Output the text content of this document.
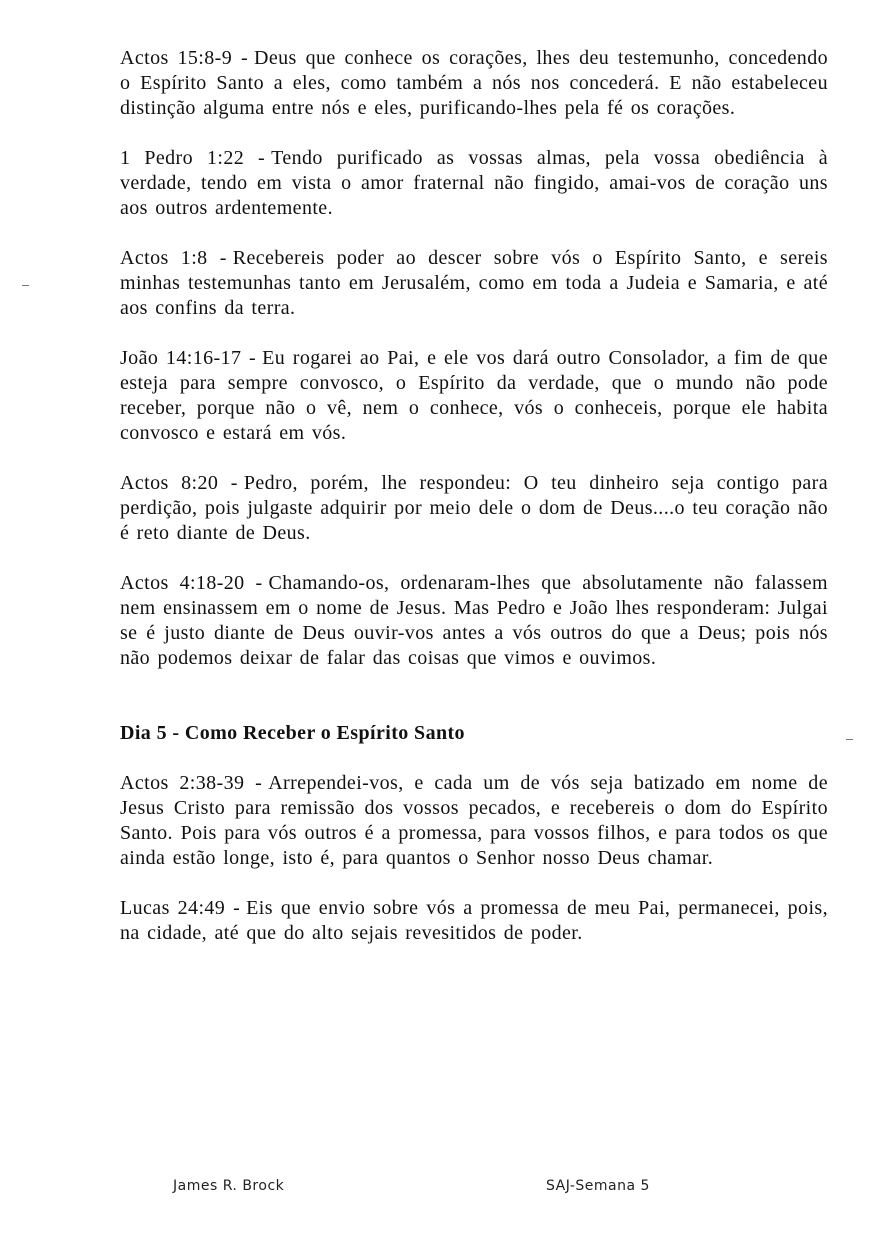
Actos 15:8-9 - Deus que conhece os corações, lhes deu testemunho, concedendo o Espírito Santo a eles, como também a nós nos concederá. E não estabeleceu distinção alguma entre nós e eles, purificando-lhes pela fé os corações.

1 Pedro 1:22 - Tendo purificado as vossas almas, pela vossa obediência à verdade, tendo em vista o amor fraternal não fingido, amai-vos de coração uns aos outros ardentemente.

Actos 1:8 - Recebereis poder ao descer sobre vós o Espírito Santo, e sereis minhas testemunhas tanto em Jerusalém, como em toda a Judeia e Samaria, e até aos confins da terra.

João 14:16-17 - Eu rogarei ao Pai, e ele vos dará outro Consolador, a fim de que esteja para sempre convosco, o Espírito da verdade, que o mundo não pode receber, porque não o vê, nem o conhece, vós o conheceis, porque ele habita convosco e estará em vós.

Actos 8:20 - Pedro, porém, lhe respondeu: O teu dinheiro seja contigo para perdição, pois julgaste adquirir por meio dele o dom de Deus....o teu coração não é reto diante de Deus.

Actos 4:18-20 - Chamando-os, ordenaram-lhes que absolutamente não falassem nem ensinassem em o nome de Jesus. Mas Pedro e João lhes responderam: Julgai se é justo diante de Deus ouvir-vos antes a vós outros do que a Deus; pois nós não podemos deixar de falar das coisas que vimos e ouvimos.

Dia 5 - Como Receber o Espírito Santo

Actos 2:38-39 - Arrependei-vos, e cada um de vós seja batizado em nome de Jesus Cristo para remissão dos vossos pecados, e recebereis o dom do Espírito Santo. Pois para vós outros é a promessa, para vossos filhos, e para todos os que ainda estão longe, isto é, para quantos o Senhor nosso Deus chamar.

Lucas 24:49 - Eis que envio sobre vós a promessa de meu Pai, permanecei, pois, na cidade, até que do alto sejais revesitidos de poder.

James R. Brock	SAJ-Semana 5
